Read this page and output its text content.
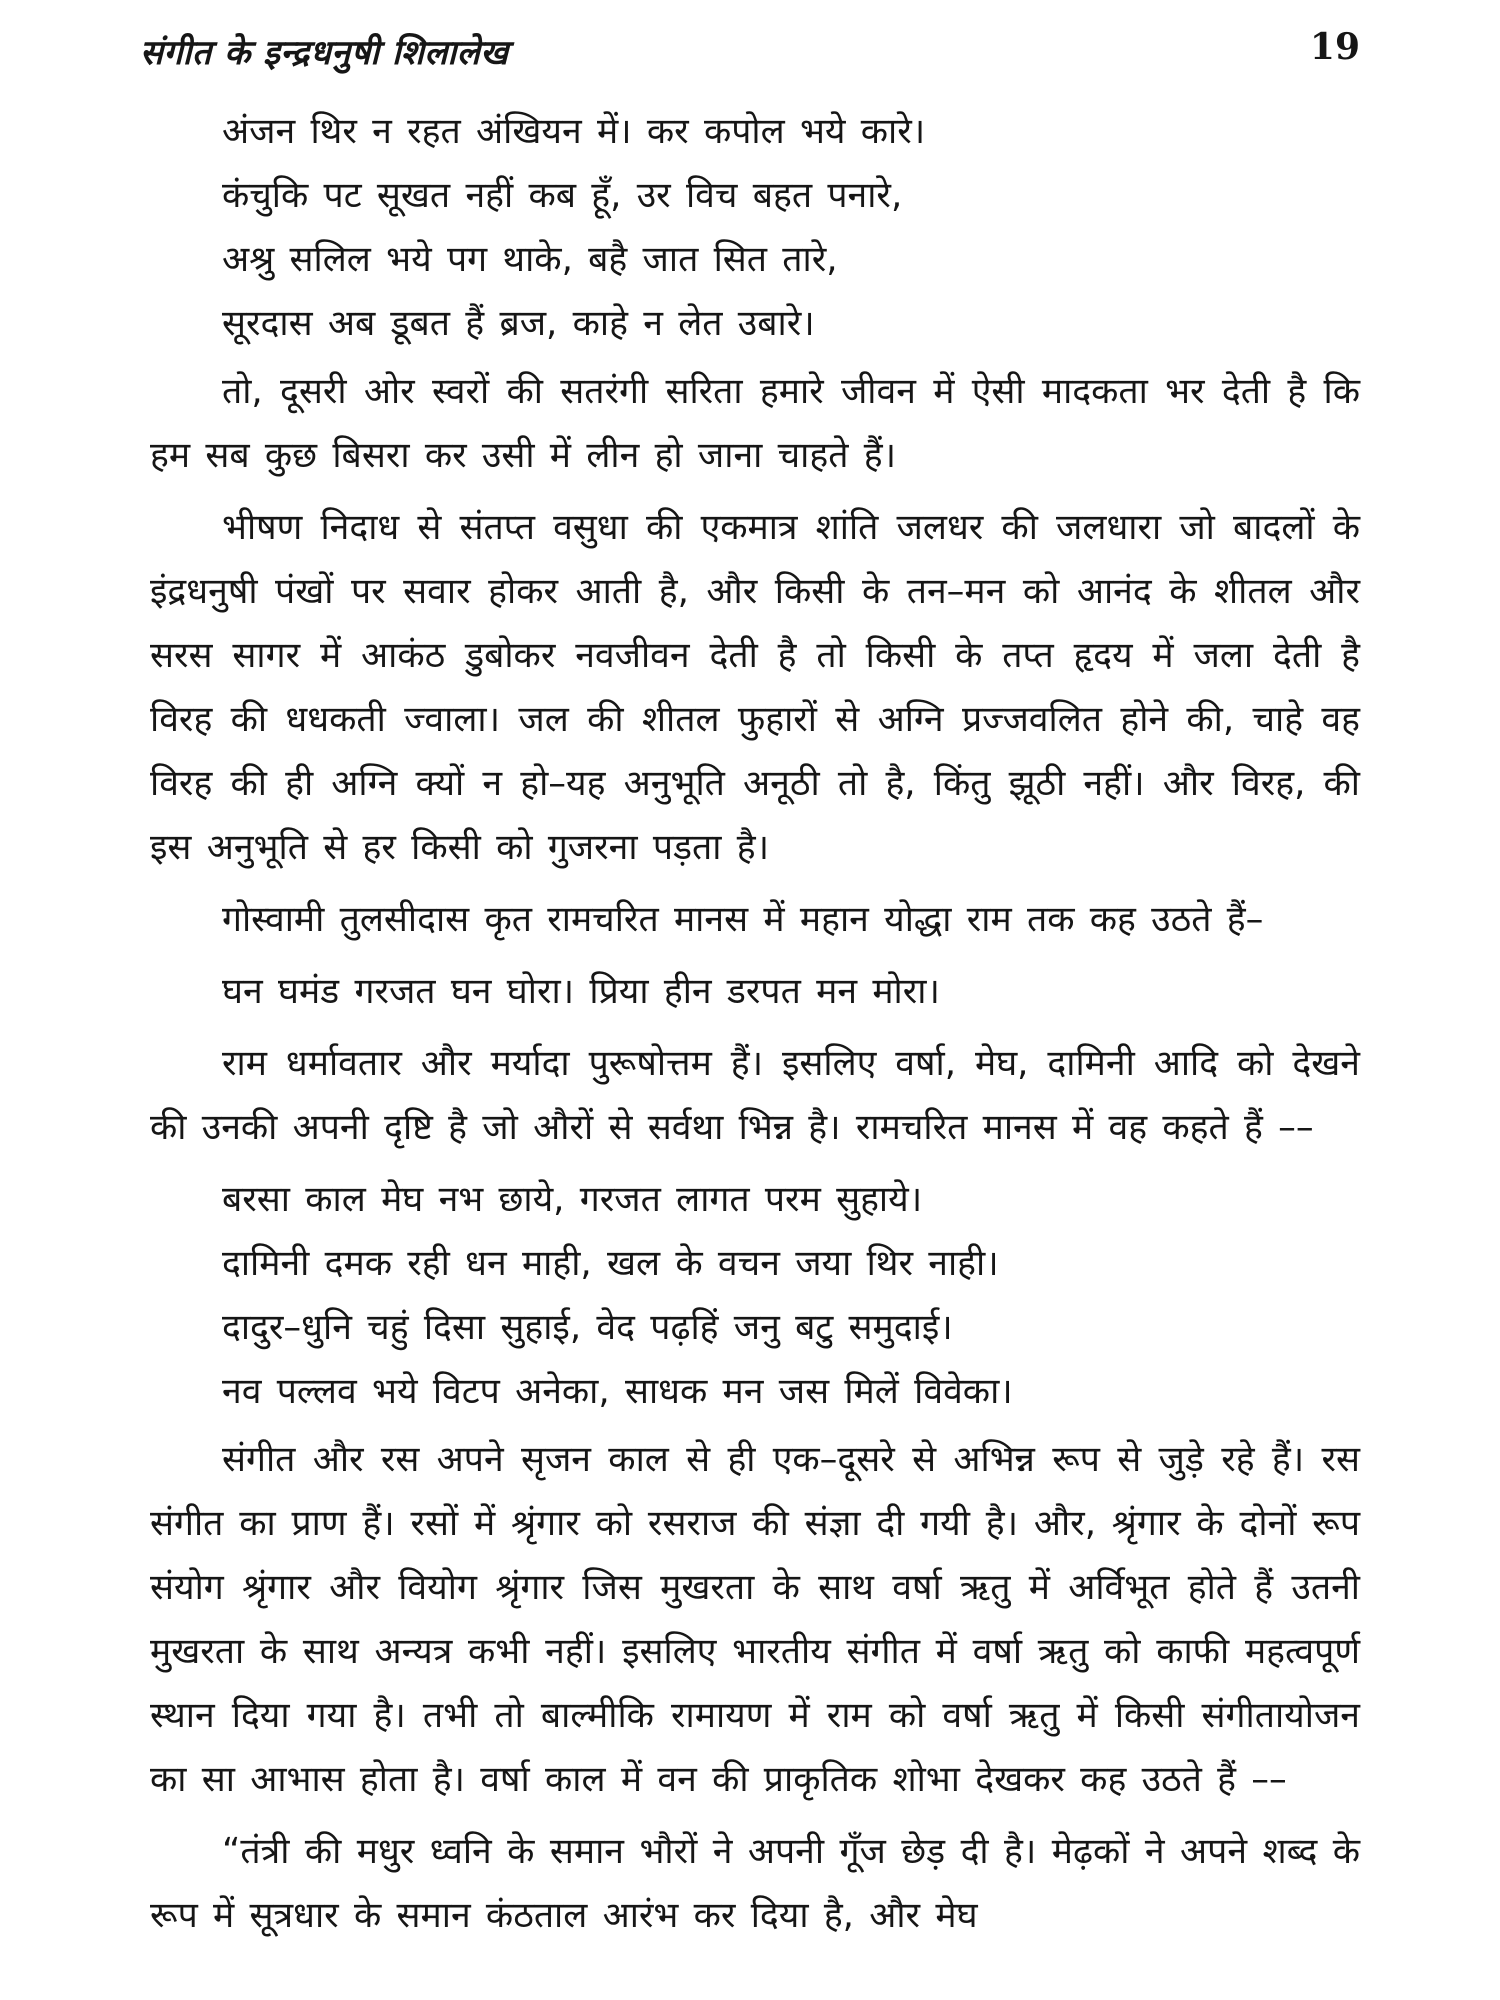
संगीत के इन्द्रधनुषी शिलालेख	19
अंजन थिर न रहत अंखियन में। कर कपोल भये कारे।
कंचुकि पट सूखत नहीं कब हूँ, उर विच बहत पनारे,
अश्रु सलिल भये पग थाके, बहै जात सित तारे,
सूरदास अब डूबत हैं ब्रज, काहे न लेत उबारे।

तो, दूसरी ओर स्वरों की सतरंगी सरिता हमारे जीवन में ऐसी मादकता भर देती है कि हम सब कुछ बिसरा कर उसी में लीन हो जाना चाहते हैं।

भीषण निदाध से संतप्त वसुधा की एकमात्र शांति जलधर की जलधारा जो बादलों के इंद्रधनुषी पंखों पर सवार होकर आती है, और किसी के तन–मन को आनंद के शीतल और सरस सागर में आकंठ डुबोकर नवजीवन देती है तो किसी के तप्त हृदय में जला देती है विरह की धधकती ज्वाला। जल की शीतल फुहारों से अग्नि प्रज्जवलित होने की, चाहे वह विरह की ही अग्नि क्यों न हो–यह अनुभूति अनूठी तो है, किंतु झूठी नहीं। और विरह, की इस अनुभूति से हर किसी को गुजरना पड़ता है।

गोस्वामी तुलसीदास कृत रामचरित मानस में महान योद्धा राम तक कह उठते हैं–

घन घमंड गरजत घन घोरा। प्रिया हीन डरपत मन मोरा।

राम धर्मावतार और मर्यादा पुरूषोत्तम हैं। इसलिए वर्षा, मेघ, दामिनी आदि को देखने की उनकी अपनी दृष्टि है जो औरों से सर्वथा भिन्न है। रामचरित मानस में वह कहते हैं ––

बरसा काल मेघ नभ छाये, गरजत लागत परम सुहाये।
दामिनी दमक रही धन माही, खल के वचन जया थिर नाही।
दादुर–धुनि चहुं दिसा सुहाई, वेद पढ़हिं जनु बटु समुदाई।
नव पल्लव भये विटप अनेका, साधक मन जस मिलें विवेका।

संगीत और रस अपने सृजन काल से ही एक–दूसरे से अभिन्न रूप से जुड़े रहे हैं। रस संगीत का प्राण हैं। रसों में श्रृंगार को रसराज की संज्ञा दी गयी है। और, श्रृंगार के दोनों रूप संयोग श्रृंगार और वियोग श्रृंगार जिस मुखरता के साथ वर्षा ऋतु में अर्विभूत होते हैं उतनी मुखरता के साथ अन्यत्र कभी नहीं। इसलिए भारतीय संगीत में वर्षा ऋतु को काफी महत्वपूर्ण स्थान दिया गया है। तभी तो बाल्मीकि रामायण में राम को वर्षा ऋतु में किसी संगीतायोजन का सा आभास होता है। वर्षा काल में वन की प्राकृतिक शोभा देखकर कह उठते हैं ––

“तंत्री की मधुर ध्वनि के समान भौरों ने अपनी गूँज छेड़ दी है। मेढ़कों ने अपने शब्द के रूप में सूत्रधार के समान कंठताल आरंभ कर दिया है, और मेघ
